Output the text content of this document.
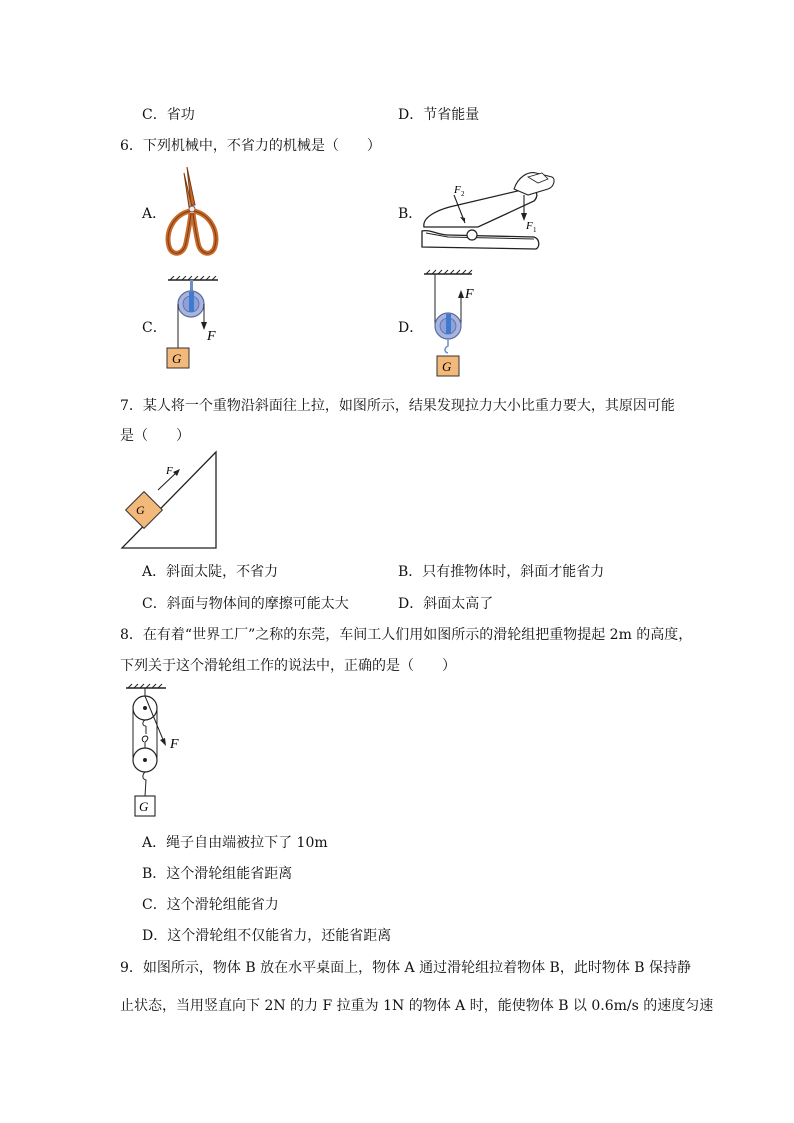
C．省功	D．节省能量
6．下列机械中，不省力的机械是（　　）
A．	B．
F 2
F 1
C．
F
G
D．
F
G
7．某人将一个重物沿斜面往上拉，如图所示，结果发现拉力大小比重力要大，其原因可能
是（　　）
G
F
A．斜面太陡，不省力	B．只有推物体时，斜面才能省力
C．斜面与物体间的摩擦可能太大	D．斜面太高了
8．在有着“世界工厂”之称的东莞，车间工人们用如图所示的滑轮组把重物提起 2m 的高度，
下列关于这个滑轮组工作的说法中，正确的是（　　）
F
G
A．绳子自由端被拉下了 10m
B．这个滑轮组能省距离
C．这个滑轮组能省力
D．这个滑轮组不仅能省力，还能省距离
9．如图所示，物体 B 放在水平桌面上，物体 A 通过滑轮组拉着物体 B，此时物体 B 保持静
止状态，当用竖直向下 2N 的力 F 拉重为 1N 的物体 A 时，能使物体 B 以 0.6m/s 的速度匀速
